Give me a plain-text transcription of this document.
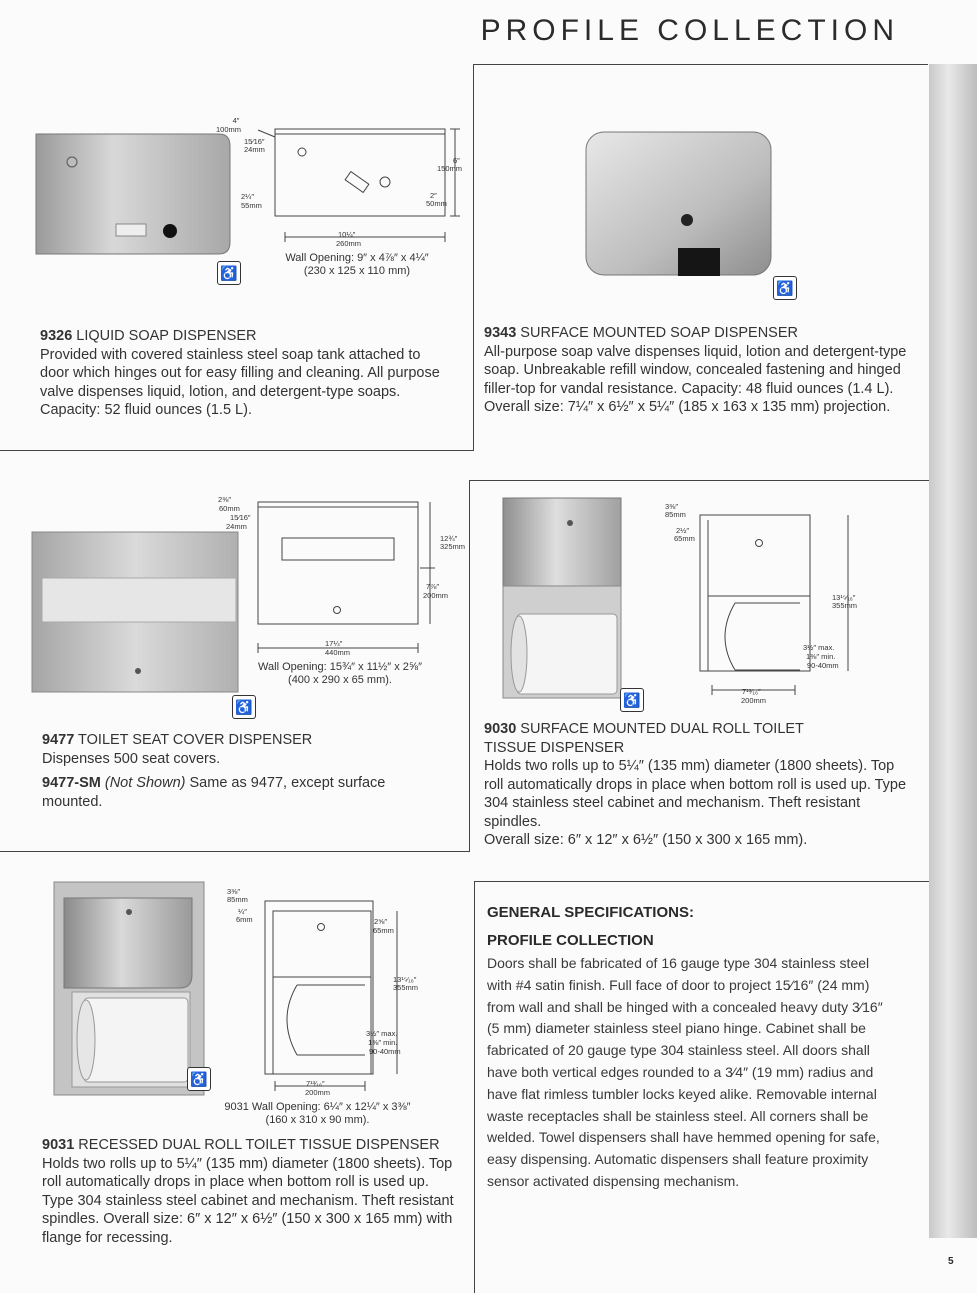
PROFILE COLLECTION
5
4″
100mm
15⁄16″
24mm
2¼″
55mm
6″
150mm
2″
50mm
10¼″
260mm
Wall Opening: 9″ x 4⅞″ x 4¼″
(230 x 125 x 110 mm)
♿
9326 LIQUID SOAP DISPENSER
Provided with covered stainless steel soap tank attached to door which hinges out for easy filling and cleaning. All purpose valve dispenses liquid, lotion, and detergent-type soaps. Capacity: 52 fluid ounces (1.5 L).
♿
9343 SURFACE MOUNTED SOAP DISPENSER
All-purpose soap valve dispenses liquid, lotion and detergent-type soap. Unbreakable refill window, concealed fastening and hinged filler-top for vandal resistance. Capacity: 48 fluid ounces (1.4 L). Overall size: 7¼″ x 6½″ x 5¼″ (185 x 163 x 135 mm) projection.
2⅜″
60mm
15⁄16″
24mm
12¾″
325mm
7⅞″
200mm
17¼″
440mm
Wall Opening: 15¾″ x 11½″ x 2⅝″
(400 x 290 x 65 mm).
♿
9477 TOILET SEAT COVER DISPENSER
Dispenses 500 seat covers.
9477-SM (Not Shown) Same as 9477, except surface mounted.
3⅜″
85mm
2½″
65mm
13¹⁵⁄₁₆″
355mm
3½″ max.
1⅜″ min.
90-40mm
7¹³⁄₁₆″
200mm
♿
9030 SURFACE MOUNTED DUAL ROLL TOILET TISSUE DISPENSER
Holds two rolls up to 5¼″ (135 mm) diameter (1800 sheets). Top roll automatically drops in place when bottom roll is used up. Type 304 stainless steel cabinet and mechanism. Theft resistant spindles.
Overall size: 6″ x 12″ x 6½″ (150 x 300 x 165 mm).
3⅜″
85mm
¼″
6mm	2⅝″
65mm
13¹⁵⁄₁₆″
355mm
3½″ max.
1⅜″ min.
90-40mm
7¹³⁄₁₆″
200mm
♿
9031 Wall Opening: 6¼″ x 12¼″ x 3⅜″
(160 x 310 x 90 mm).
9031 RECESSED DUAL ROLL TOILET TISSUE DISPENSER
Holds two rolls up to 5¼″ (135 mm) diameter (1800 sheets). Top roll automatically drops in place when bottom roll is used up. Type 304 stainless steel cabinet and mechanism. Theft resistant spindles. Overall size: 6″ x 12″ x 6½″ (150 x 300 x 165 mm) with flange for recessing.
GENERAL SPECIFICATIONS:
PROFILE COLLECTION
Doors shall be fabricated of 16 gauge type 304 stainless steel with #4 satin finish. Full face of door to project 15⁄16″ (24 mm) from wall and shall be hinged with a concealed heavy duty 3⁄16″ (5 mm) diameter stainless steel piano hinge. Cabinet shall be fabricated of 20 gauge type 304 stainless steel. All doors shall have both vertical edges rounded to a 3⁄4″ (19 mm) radius and have flat rimless tumbler locks keyed alike. Removable internal waste receptacles shall be stainless steel. All corners shall be welded. Towel dispensers shall have hemmed opening for safe, easy dispensing. Automatic dispensers shall feature proximity sensor activated dispensing mechanism.
